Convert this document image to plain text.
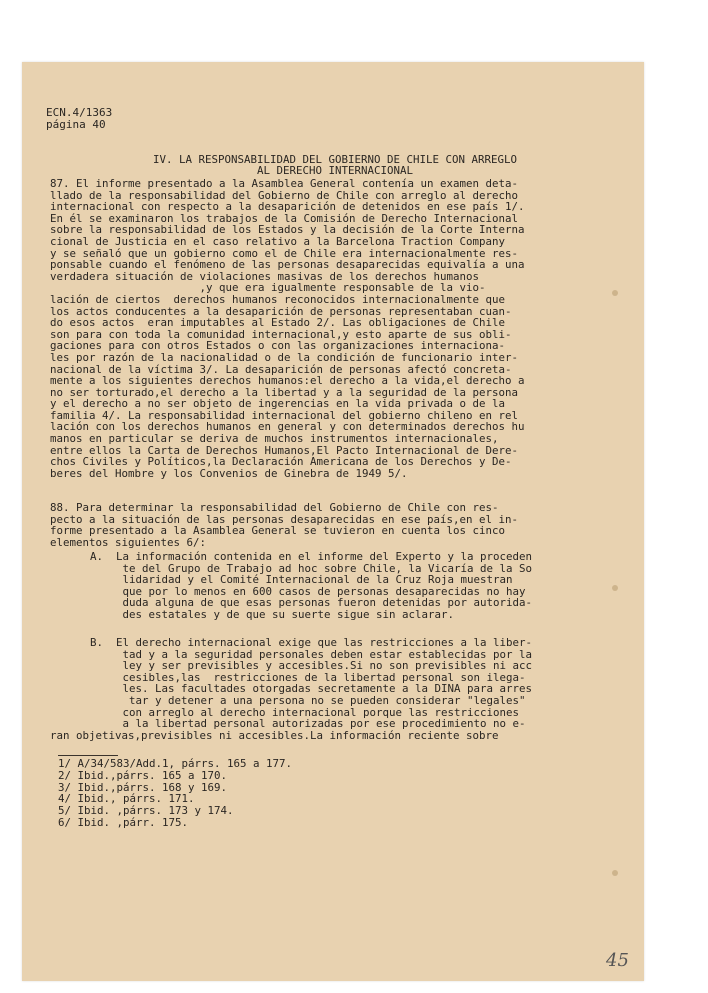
ECN.4/1363
página 40
IV. LA RESPONSABILIDAD DEL GOBIERNO DE CHILE CON ARREGLO
AL DERECHO INTERNACIONAL
87. El informe presentado a la Asamblea General contenía un examen deta-
llado de la responsabilidad del Gobierno de Chile con arreglo al derecho
internacional con respecto a la desaparición de detenidos en ese país 1/.
En él se examinaron los trabajos de la Comisión de Derecho Internacional
sobre la responsabilidad de los Estados y la decisión de la Corte Interna
cional de Justicia en el caso relativo a la Barcelona Traction Company
y se señaló que un gobierno como el de Chile era internacionalmente res-
ponsable cuando el fenómeno de las personas desaparecidas equivalía a una
verdadera situación de violaciones masivas de los derechos humanos
,y que era igualmente responsable de la vio-
lación de ciertos  derechos humanos reconocidos internacionalmente que
los actos conducentes a la desaparición de personas representaban cuan-
do esos actos  eran imputables al Estado 2/. Las obligaciones de Chile
son para con toda la comunidad internacional,y esto aparte de sus obli-
gaciones para con otros Estados o con las organizaciones internaciona-
les por razón de la nacionalidad o de la condición de funcionario inter-
nacional de la víctima 3/. La desaparición de personas afectó concreta-
mente a los siguientes derechos humanos:el derecho a la vida,el derecho a
no ser torturado,el derecho a la libertad y a la seguridad de la persona
y el derecho a no ser objeto de ingerencias en la vida privada o de la
familia 4/. La responsabilidad internacional del gobierno chileno en rel
lación con los derechos humanos en general y con determinados derechos hu
manos en particular se deriva de muchos instrumentos internacionales,
entre ellos la Carta de Derechos Humanos,El Pacto Internacional de Dere-
chos Civiles y Políticos,la Declaración Americana de los Derechos y De-
beres del Hombre y los Convenios de Ginebra de 1949 5/.
88. Para determinar la responsabilidad del Gobierno de Chile con res-
pecto a la situación de las personas desaparecidas en ese país,en el in-
forme presentado a la Asamblea General se tuvieron en cuenta los cinco
elementos siguientes 6/:
A.  La información contenida en el informe del Experto y la proceden
te del Grupo de Trabajo ad hoc sobre Chile, la Vicaría de la So
lidaridad y el Comité Internacional de la Cruz Roja muestran
que por lo menos en 600 casos de personas desaparecidas no hay
duda alguna de que esas personas fueron detenidas por autorida-
des estatales y de que su suerte sigue sin aclarar.
B.  El derecho internacional exige que las restricciones a la liber-
tad y a la seguridad personales deben estar establecidas por la
ley y ser previsibles y accesibles.Si no son previsibles ni acc
cesibles,las  restricciones de la libertad personal son ilega-
les. Las facultades otorgadas secretamente a la DINA para arres
tar y detener a una persona no se pueden considerar "legales"
con arreglo al derecho internacional porque las restricciones
a la libertad personal autorizadas por ese procedimiento no e-
ran objetivas,previsibles ni accesibles.La información reciente sobre
1/ A/34/583/Add.1, párrs. 165 a 177.
2/ Ibid.,párrs. 165 a 170.
3/ Ibid.,párrs. 168 y 169.
4/ Ibid., párrs. 171.
5/ Ibid. ,párrs. 173 y 174.
6/ Ibid. ,párr. 175.
45
